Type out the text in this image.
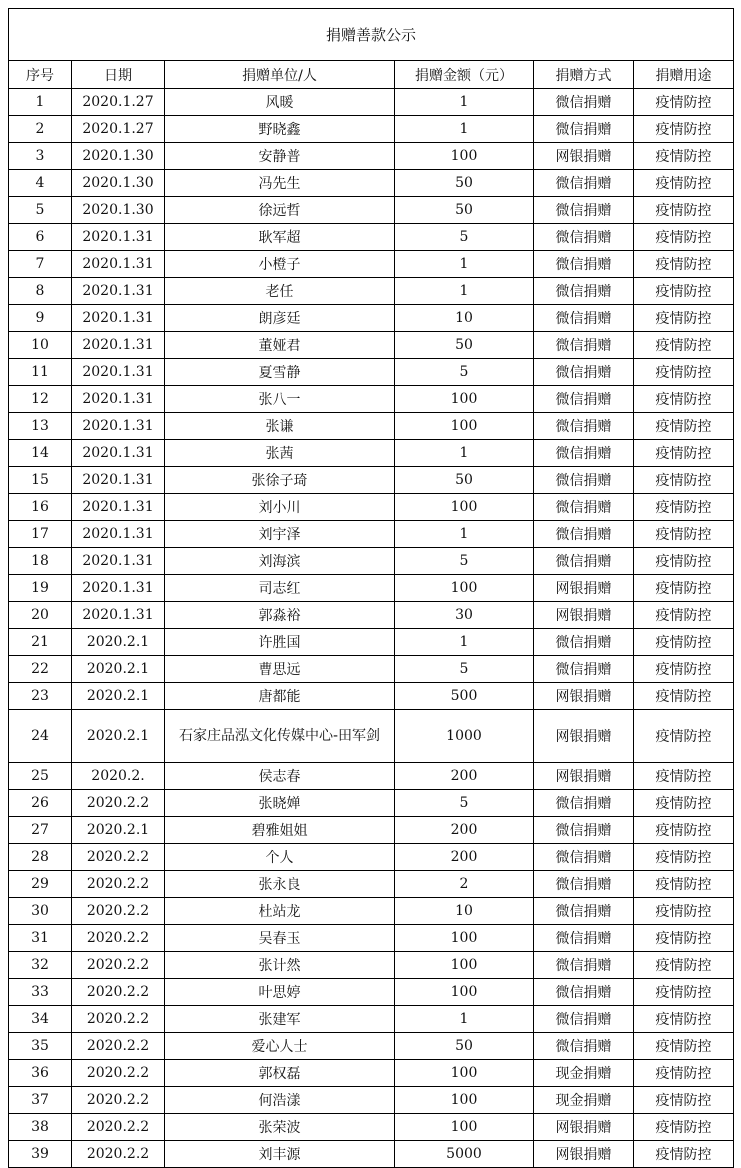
捐赠善款公示					
序号	日期	捐赠单位/人	捐赠金额（元）	捐赠方式	捐赠用途
1	2020.1.27	风暖	1	微信捐赠	疫情防控
2	2020.1.27	野晓鑫	1	微信捐赠	疫情防控
3	2020.1.30	安静普	100	网银捐赠	疫情防控
4	2020.1.30	冯先生	50	微信捐赠	疫情防控
5	2020.1.30	徐远哲	50	微信捐赠	疫情防控
6	2020.1.31	耿军超	5	微信捐赠	疫情防控
7	2020.1.31	小橙子	1	微信捐赠	疫情防控
8	2020.1.31	老任	1	微信捐赠	疫情防控
9	2020.1.31	朗彦廷	10	微信捐赠	疫情防控
10	2020.1.31	董娅君	50	微信捐赠	疫情防控
11	2020.1.31	夏雪静	5	微信捐赠	疫情防控
12	2020.1.31	张八一	100	微信捐赠	疫情防控
13	2020.1.31	张谦	100	微信捐赠	疫情防控
14	2020.1.31	张茜	1	微信捐赠	疫情防控
15	2020.1.31	张徐子琦	50	微信捐赠	疫情防控
16	2020.1.31	刘小川	100	微信捐赠	疫情防控
17	2020.1.31	刘宇泽	1	微信捐赠	疫情防控
18	2020.1.31	刘海滨	5	微信捐赠	疫情防控
19	2020.1.31	司志红	100	网银捐赠	疫情防控
20	2020.1.31	郭淼裕	30	网银捐赠	疫情防控
21	2020.2.1	许胜国	1	微信捐赠	疫情防控
22	2020.2.1	曹思远	5	微信捐赠	疫情防控
23	2020.2.1	唐都能	500	网银捐赠	疫情防控
24	2020.2.1	石家庄品泓文化传媒中心-田军剑	1000	网银捐赠	疫情防控
25	2020.2.	侯志春	200	网银捐赠	疫情防控
26	2020.2.2	张晓婵	5	微信捐赠	疫情防控
27	2020.2.1	碧雅姐姐	200	微信捐赠	疫情防控
28	2020.2.2	个人	200	微信捐赠	疫情防控
29	2020.2.2	张永良	2	微信捐赠	疫情防控
30	2020.2.2	杜站龙	10	微信捐赠	疫情防控
31	2020.2.2	吴春玉	100	微信捐赠	疫情防控
32	2020.2.2	张计然	100	微信捐赠	疫情防控
33	2020.2.2	叶思婷	100	微信捐赠	疫情防控
34	2020.2.2	张建军	1	微信捐赠	疫情防控
35	2020.2.2	爱心人士	50	微信捐赠	疫情防控
36	2020.2.2	郭权磊	100	现金捐赠	疫情防控
37	2020.2.2	何浩漾	100	现金捐赠	疫情防控
38	2020.2.2	张荣波	100	网银捐赠	疫情防控
39	2020.2.2	刘丰源	5000	网银捐赠	疫情防控
